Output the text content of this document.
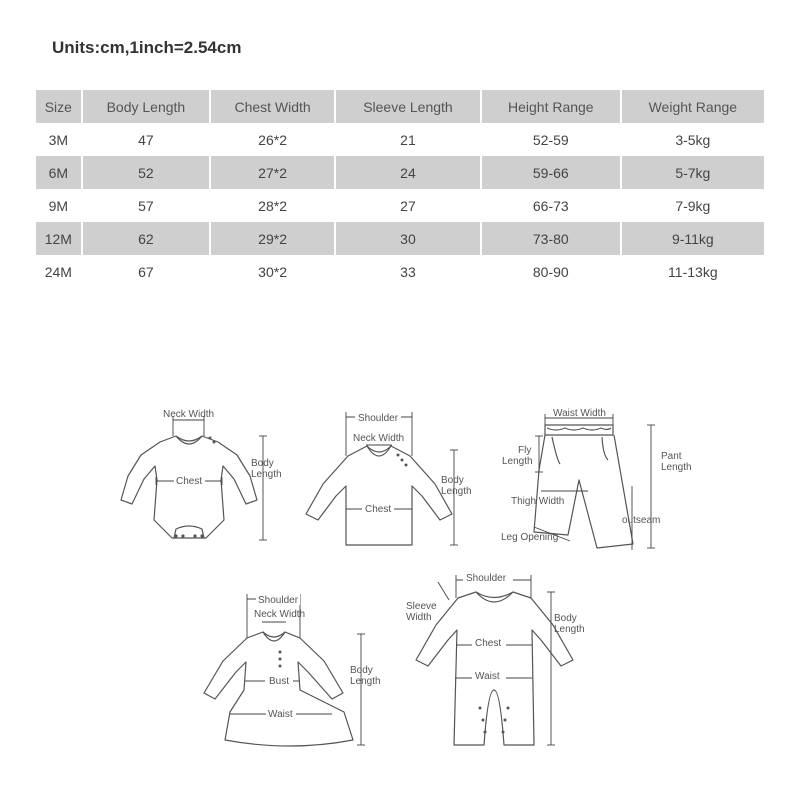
Units:cm,1inch=2.54cm
Size	Body Length	Chest Width	Sleeve Length	Height Range	Weight Range
3M	47	26*2	21	52-59	3-5kg
6M	52	27*2	24	59-66	5-7kg
9M	57	28*2	27	66-73	7-9kg
12M	62	29*2	30	73-80	9-11kg
24M	67	30*2	33	80-90	11-13kg
Neck Width
Chest
Body
Length
Shoulder
Neck Width
Chest
Body
Length
Waist Width
Fly
Length	Pant
Length
Thigh Width
outseam
Leg Opening
Shoulder
Neck Width
Bust
Waist
Body
Length
Shoulder
Sleeve
Width
Chest
Waist
Body
Length
